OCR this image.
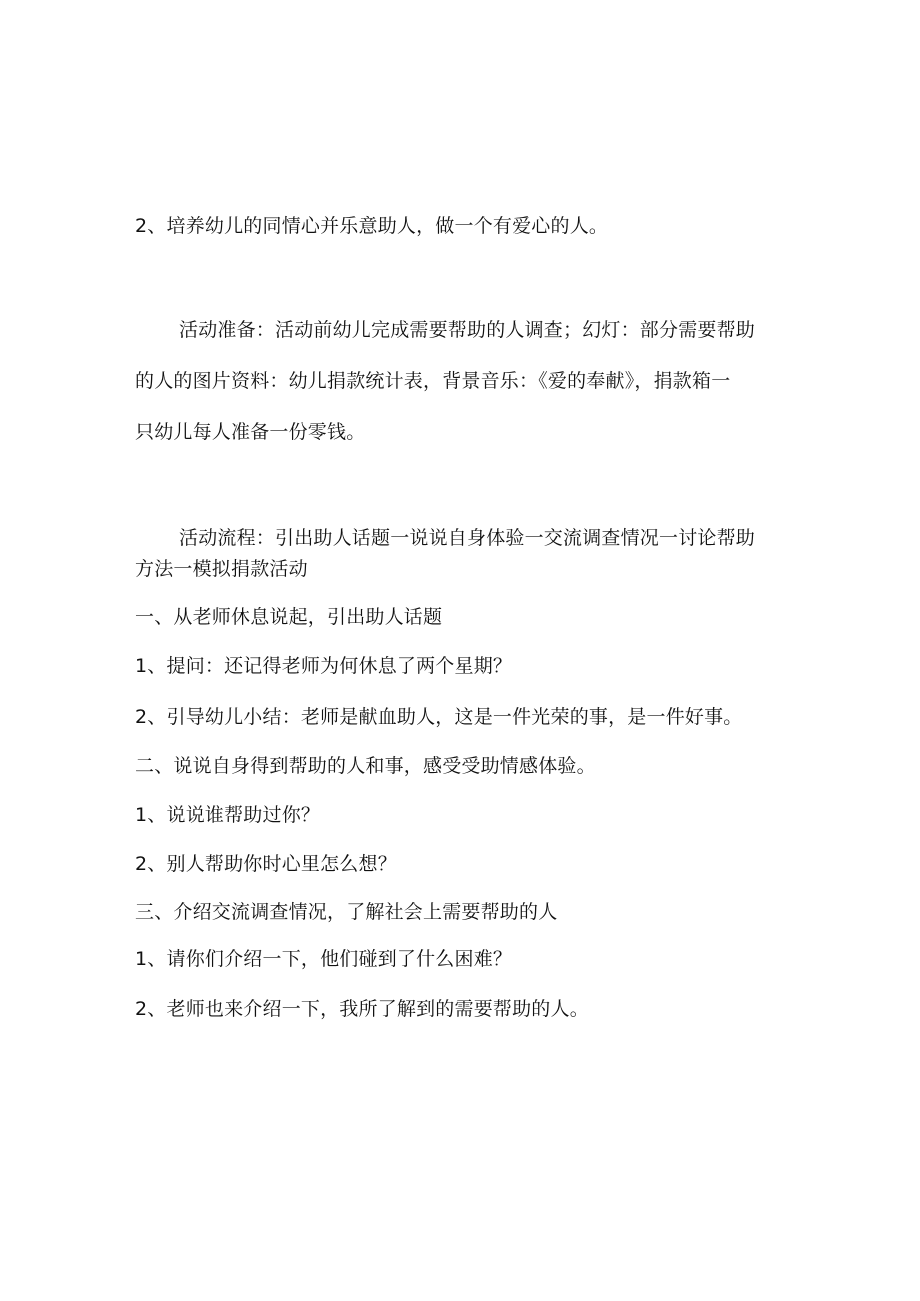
2、培养幼儿的同情心并乐意助人，做一个有爱心的人。
活动准备：活动前幼儿完成需要帮助的人调查；幻灯：部分需要帮助
的人的图片资料：幼儿捐款统计表，背景音乐：《爱的奉献》，捐款箱一
只幼儿每人准备一份零钱。
活动流程：引出助人话题一说说自身体验一交流调查情况一讨论帮助
方法一模拟捐款活动
一、从老师休息说起，引出助人话题
1、提问：还记得老师为何休息了两个星期？
2、引导幼儿小结：老师是献血助人，这是一件光荣的事，是一件好事。
二、说说自身得到帮助的人和事，感受受助情感体验。
1、说说谁帮助过你？
2、别人帮助你时心里怎么想？
三、介绍交流调查情况，了解社会上需要帮助的人
1、请你们介绍一下，他们碰到了什么困难？
2、老师也来介绍一下，我所了解到的需要帮助的人。
